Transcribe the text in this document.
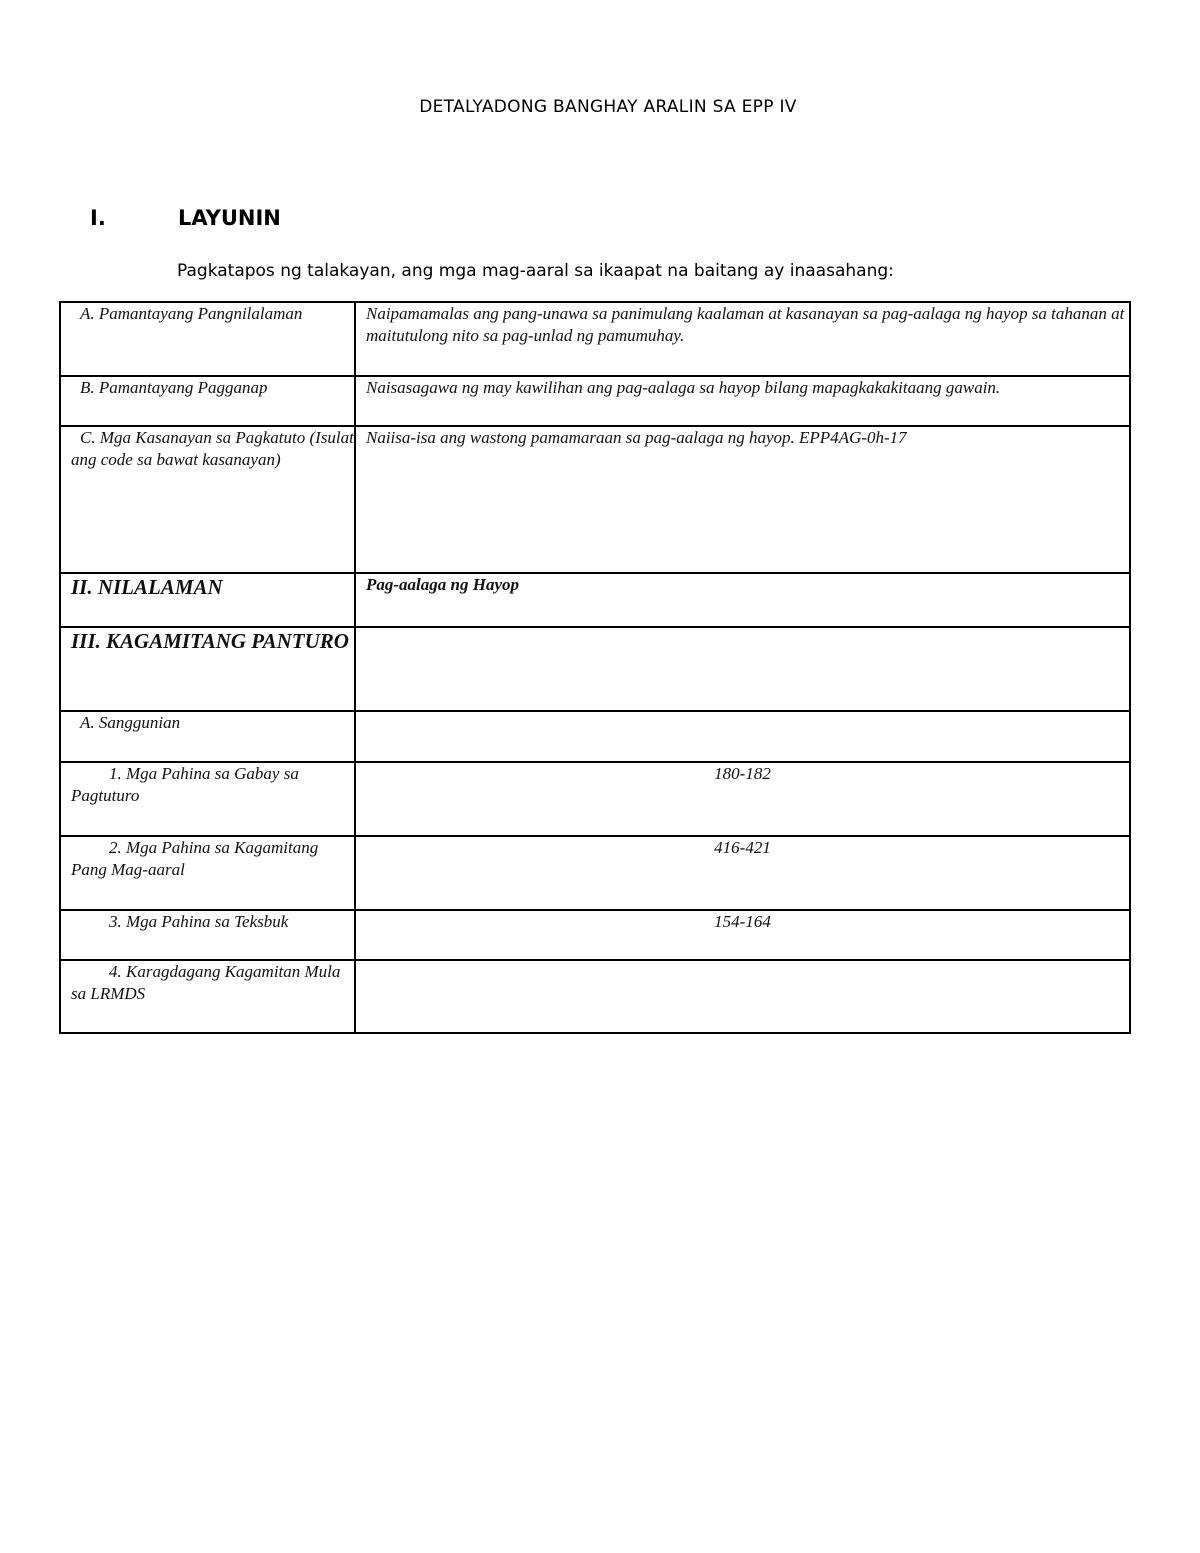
DETALYADONG BANGHAY ARALIN SA EPP IV
I.	LAYUNIN
Pagkatapos ng talakayan, ang mga mag-aaral sa ikaapat na baitang ay inaasahang:
A. Pamantayang Pangnilalaman	Naipamamalas ang pang-unawa sa panimulang kaalaman at kasanayan sa pag-aalaga ng hayop sa tahanan at maitutulong nito sa pag-unlad ng pamumuhay.
B. Pamantayang Pagganap	Naisasagawa ng may kawilihan ang pag-aalaga sa hayop bilang mapagkakakitaang gawain.
C. Mga Kasanayan sa Pagkatuto (Isulat ang code sa bawat kasanayan)	Naiisa-isa ang wastong pamamaraan sa pag-aalaga ng hayop. EPP4AG-0h-17
II. NILALAMAN	Pag-aalaga ng Hayop
III. KAGAMITANG PANTURO	
A. Sanggunian	
1. Mga Pahina sa Gabay sa Pagtuturo	180-182
2. Mga Pahina sa Kagamitang Pang Mag-aaral	416-421
3. Mga Pahina sa Teksbuk	154-164
4. Karagdagang Kagamitan Mula sa LRMDS	
